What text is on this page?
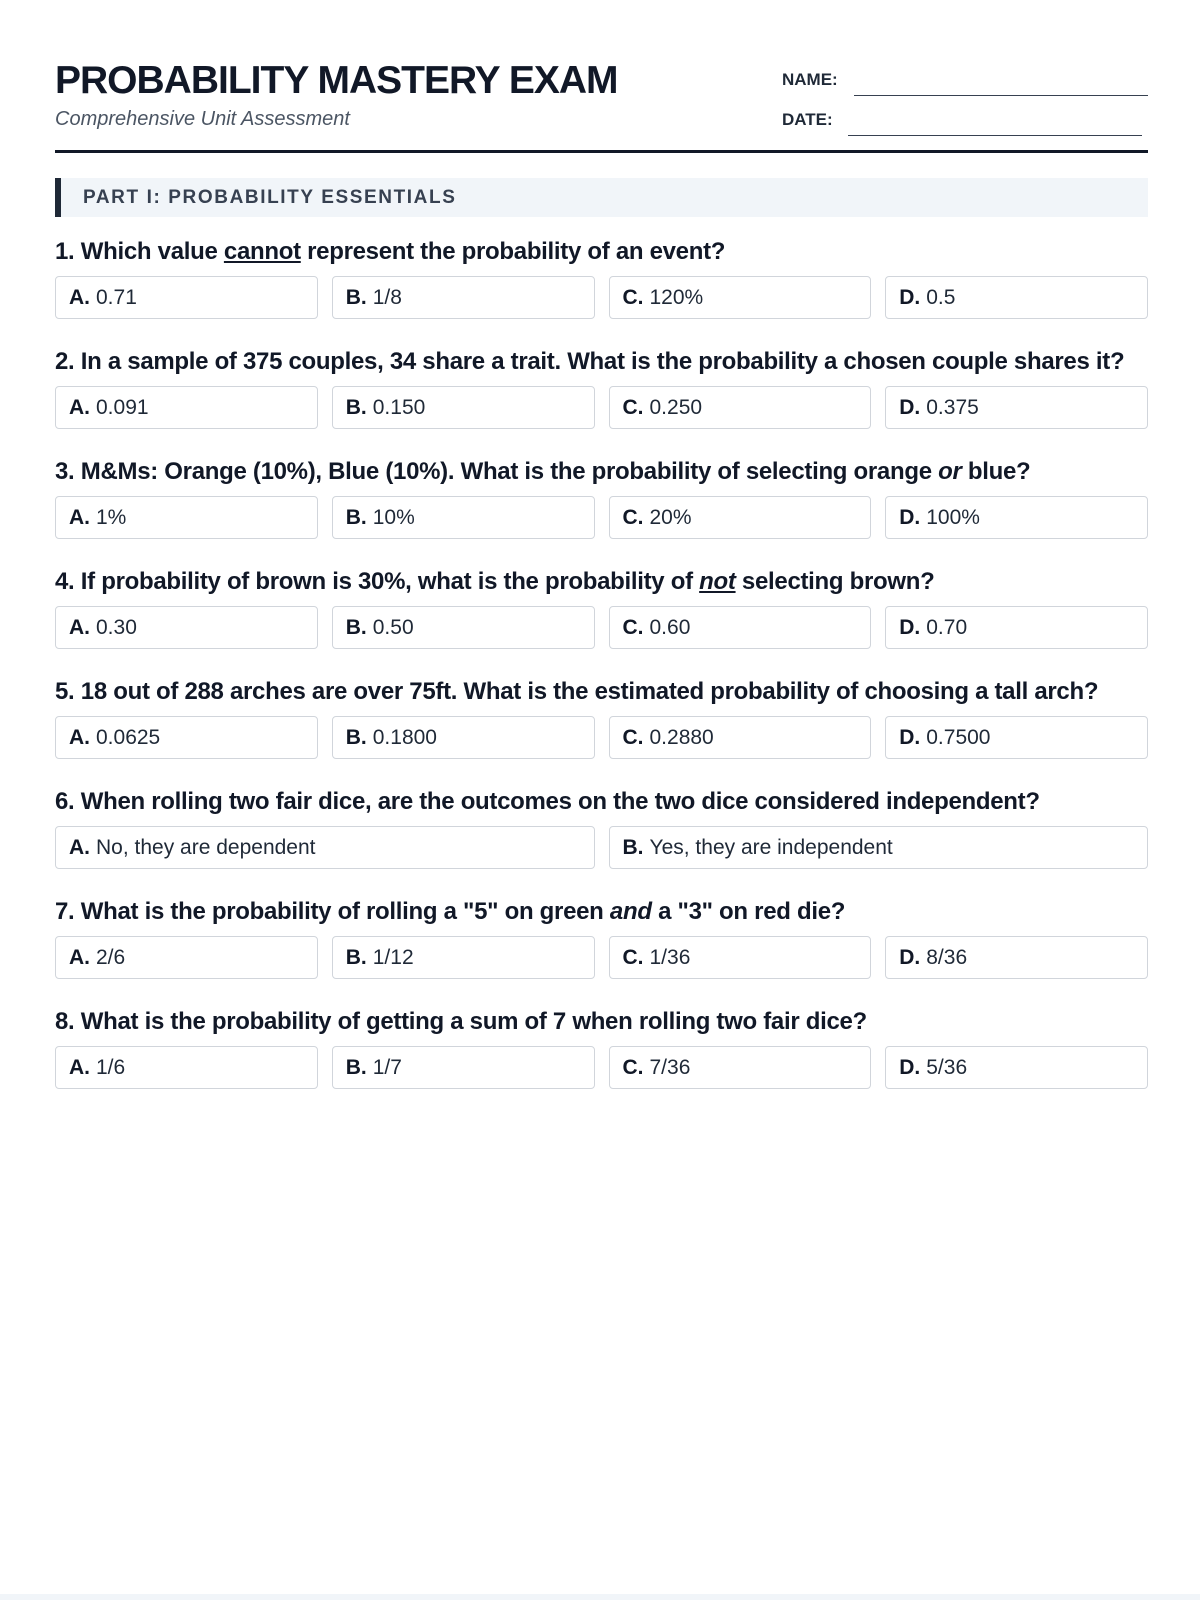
PROBABILITY MASTERY EXAM
Comprehensive Unit Assessment
NAME:
DATE:
PART I: PROBABILITY ESSENTIALS
1. Which value cannot represent the probability of an event?
A. 0.71	B. 1/8	C. 120%	D. 0.5
2. In a sample of 375 couples, 34 share a trait. What is the probability a chosen couple shares it?
A. 0.091	B. 0.150	C. 0.250	D. 0.375
3. M&Ms: Orange (10%), Blue (10%). What is the probability of selecting orange or blue?
A. 1%	B. 10%	C. 20%	D. 100%
4. If probability of brown is 30%, what is the probability of not selecting brown?
A. 0.30	B. 0.50	C. 0.60	D. 0.70
5. 18 out of 288 arches are over 75ft. What is the estimated probability of choosing a tall arch?
A. 0.0625	B. 0.1800	C. 0.2880	D. 0.7500
6. When rolling two fair dice, are the outcomes on the two dice considered independent?
A. No, they are dependent	B. Yes, they are independent
7. What is the probability of rolling a "5" on green and a "3" on red die?
A. 2/6	B. 1/12	C. 1/36	D. 8/36
8. What is the probability of getting a sum of 7 when rolling two fair dice?
A. 1/6	B. 1/7	C. 7/36	D. 5/36
